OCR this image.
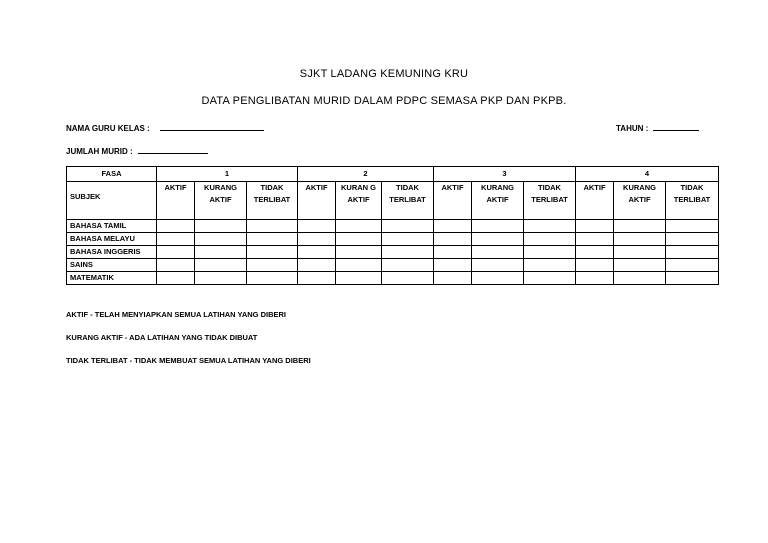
SJKT LADANG KEMUNING KRU
DATA PENGLIBATAN MURID DALAM PDPC SEMASA PKP DAN PKPB.
NAMA GURU KELAS :	TAHUN :
JUMLAH MURID :
FASA	1			2			3			4		
SUBJEK	AKTIF	KURANG AKTIF	TIDAK TERLIBAT	AKTIF	KURAN G AKTIF	TIDAK TERLIBAT	AKTIF	KURANG AKTIF	TIDAK TERLIBAT	AKTIF	KURANG AKTIF	TIDAK TERLIBAT
BAHASA TAMIL												
BAHASA MELAYU												
BAHASA INGGERIS												
SAINS												
MATEMATIK												
AKTIF - TELAH MENYIAPKAN SEMUA LATIHAN YANG DIBERI
KURANG AKTIF - ADA LATIHAN YANG TIDAK DIBUAT
TIDAK TERLIBAT - TIDAK MEMBUAT SEMUA LATIHAN YANG DIBERI
